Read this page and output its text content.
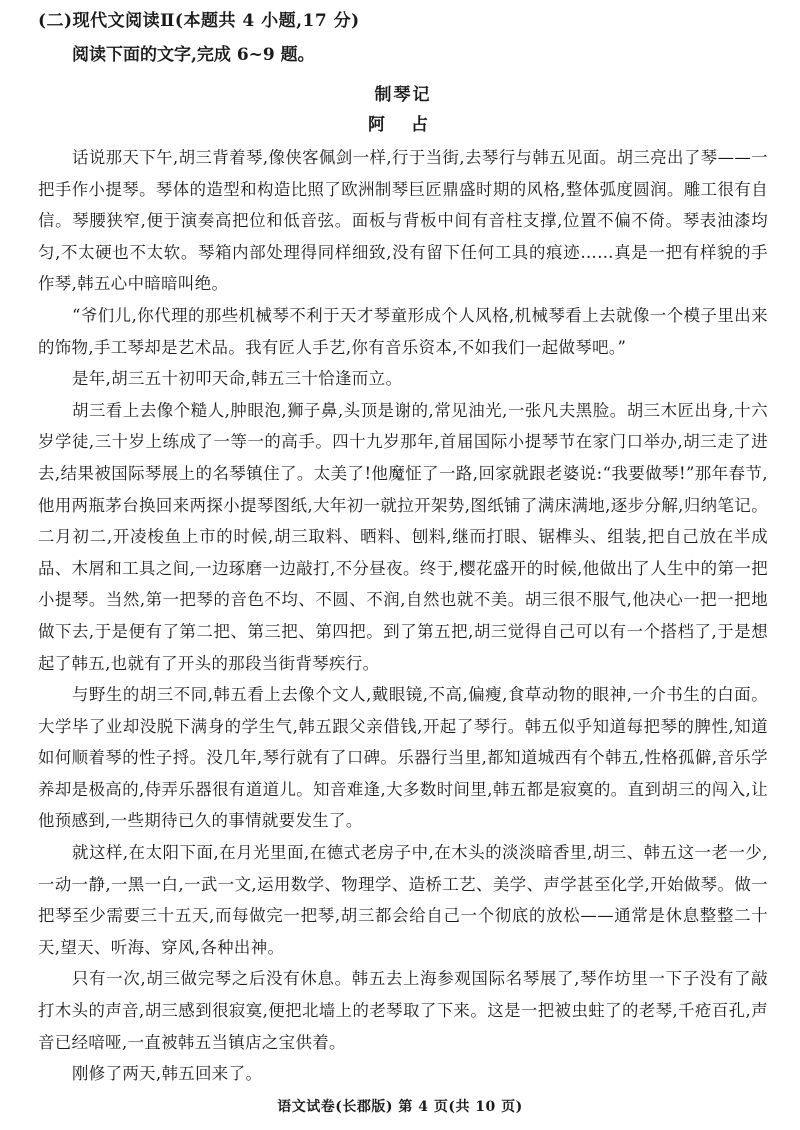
(二)现代文阅读Ⅱ(本题共 4 小题,17 分)

阅读下面的文字,完成 6~9 题。

制琴记

阿 占

话说那天下午,胡三背着琴,像侠客佩剑一样,行于当街,去琴行与韩五见面。胡三亮出了琴——一把手作小提琴。琴体的造型和构造比照了欧洲制琴巨匠鼎盛时期的风格,整体弧度圆润。雕工很有自信。琴腰狭窄,便于演奏高把位和低音弦。面板与背板中间有音柱支撑,位置不偏不倚。琴表油漆均匀,不太硬也不太软。琴箱内部处理得同样细致,没有留下任何工具的痕迹……真是一把有样貌的手作琴,韩五心中暗暗叫绝。

“爷们儿,你代理的那些机械琴不利于天才琴童形成个人风格,机械琴看上去就像一个模子里出来的饰物,手工琴却是艺术品。我有匠人手艺,你有音乐资本,不如我们一起做琴吧。”

是年,胡三五十初叩天命,韩五三十恰逢而立。

胡三看上去像个糙人,肿眼泡,狮子鼻,头顶是谢的,常见油光,一张凡夫黑脸。胡三木匠出身,十六岁学徒,三十岁上练成了一等一的高手。四十九岁那年,首届国际小提琴节在家门口举办,胡三走了进去,结果被国际琴展上的名琴镇住了。太美了!他魔怔了一路,回家就跟老婆说:“我要做琴!”那年春节,他用两瓶茅台换回来两探小提琴图纸,大年初一就拉开架势,图纸铺了满床满地,逐步分解,归纳笔记。二月初二,开凌梭鱼上市的时候,胡三取料、晒料、刨料,继而打眼、锯榫头、组装,把自己放在半成品、木屑和工具之间,一边琢磨一边敲打,不分昼夜。终于,樱花盛开的时候,他做出了人生中的第一把小提琴。当然,第一把琴的音色不均、不圆、不润,自然也就不美。胡三很不服气,他决心一把一把地做下去,于是便有了第二把、第三把、第四把。到了第五把,胡三觉得自己可以有一个搭档了,于是想起了韩五,也就有了开头的那段当街背琴疾行。

与野生的胡三不同,韩五看上去像个文人,戴眼镜,不高,偏瘦,食草动物的眼神,一介书生的白面。大学毕了业却没脱下满身的学生气,韩五跟父亲借钱,开起了琴行。韩五似乎知道每把琴的脾性,知道如何顺着琴的性子捋。没几年,琴行就有了口碑。乐器行当里,都知道城西有个韩五,性格孤僻,音乐学养却是极高的,侍弄乐器很有道道儿。知音难逢,大多数时间里,韩五都是寂寞的。直到胡三的闯入,让他预感到,一些期待已久的事情就要发生了。

就这样,在太阳下面,在月光里面,在德式老房子中,在木头的淡淡暗香里,胡三、韩五这一老一少,一动一静,一黑一白,一武一文,运用数学、物理学、造桥工艺、美学、声学甚至化学,开始做琴。做一把琴至少需要三十五天,而每做完一把琴,胡三都会给自己一个彻底的放松——通常是休息整整二十天,望天、听海、穿风,各种出神。

只有一次,胡三做完琴之后没有休息。韩五去上海参观国际名琴展了,琴作坊里一下子没有了敲打木头的声音,胡三感到很寂寞,便把北墙上的老琴取了下来。这是一把被虫蛀了的老琴,千疮百孔,声音已经喑哑,一直被韩五当镇店之宝供着。

刚修了两天,韩五回来了。

语文试卷(长郡版) 第 4 页(共 10 页)
